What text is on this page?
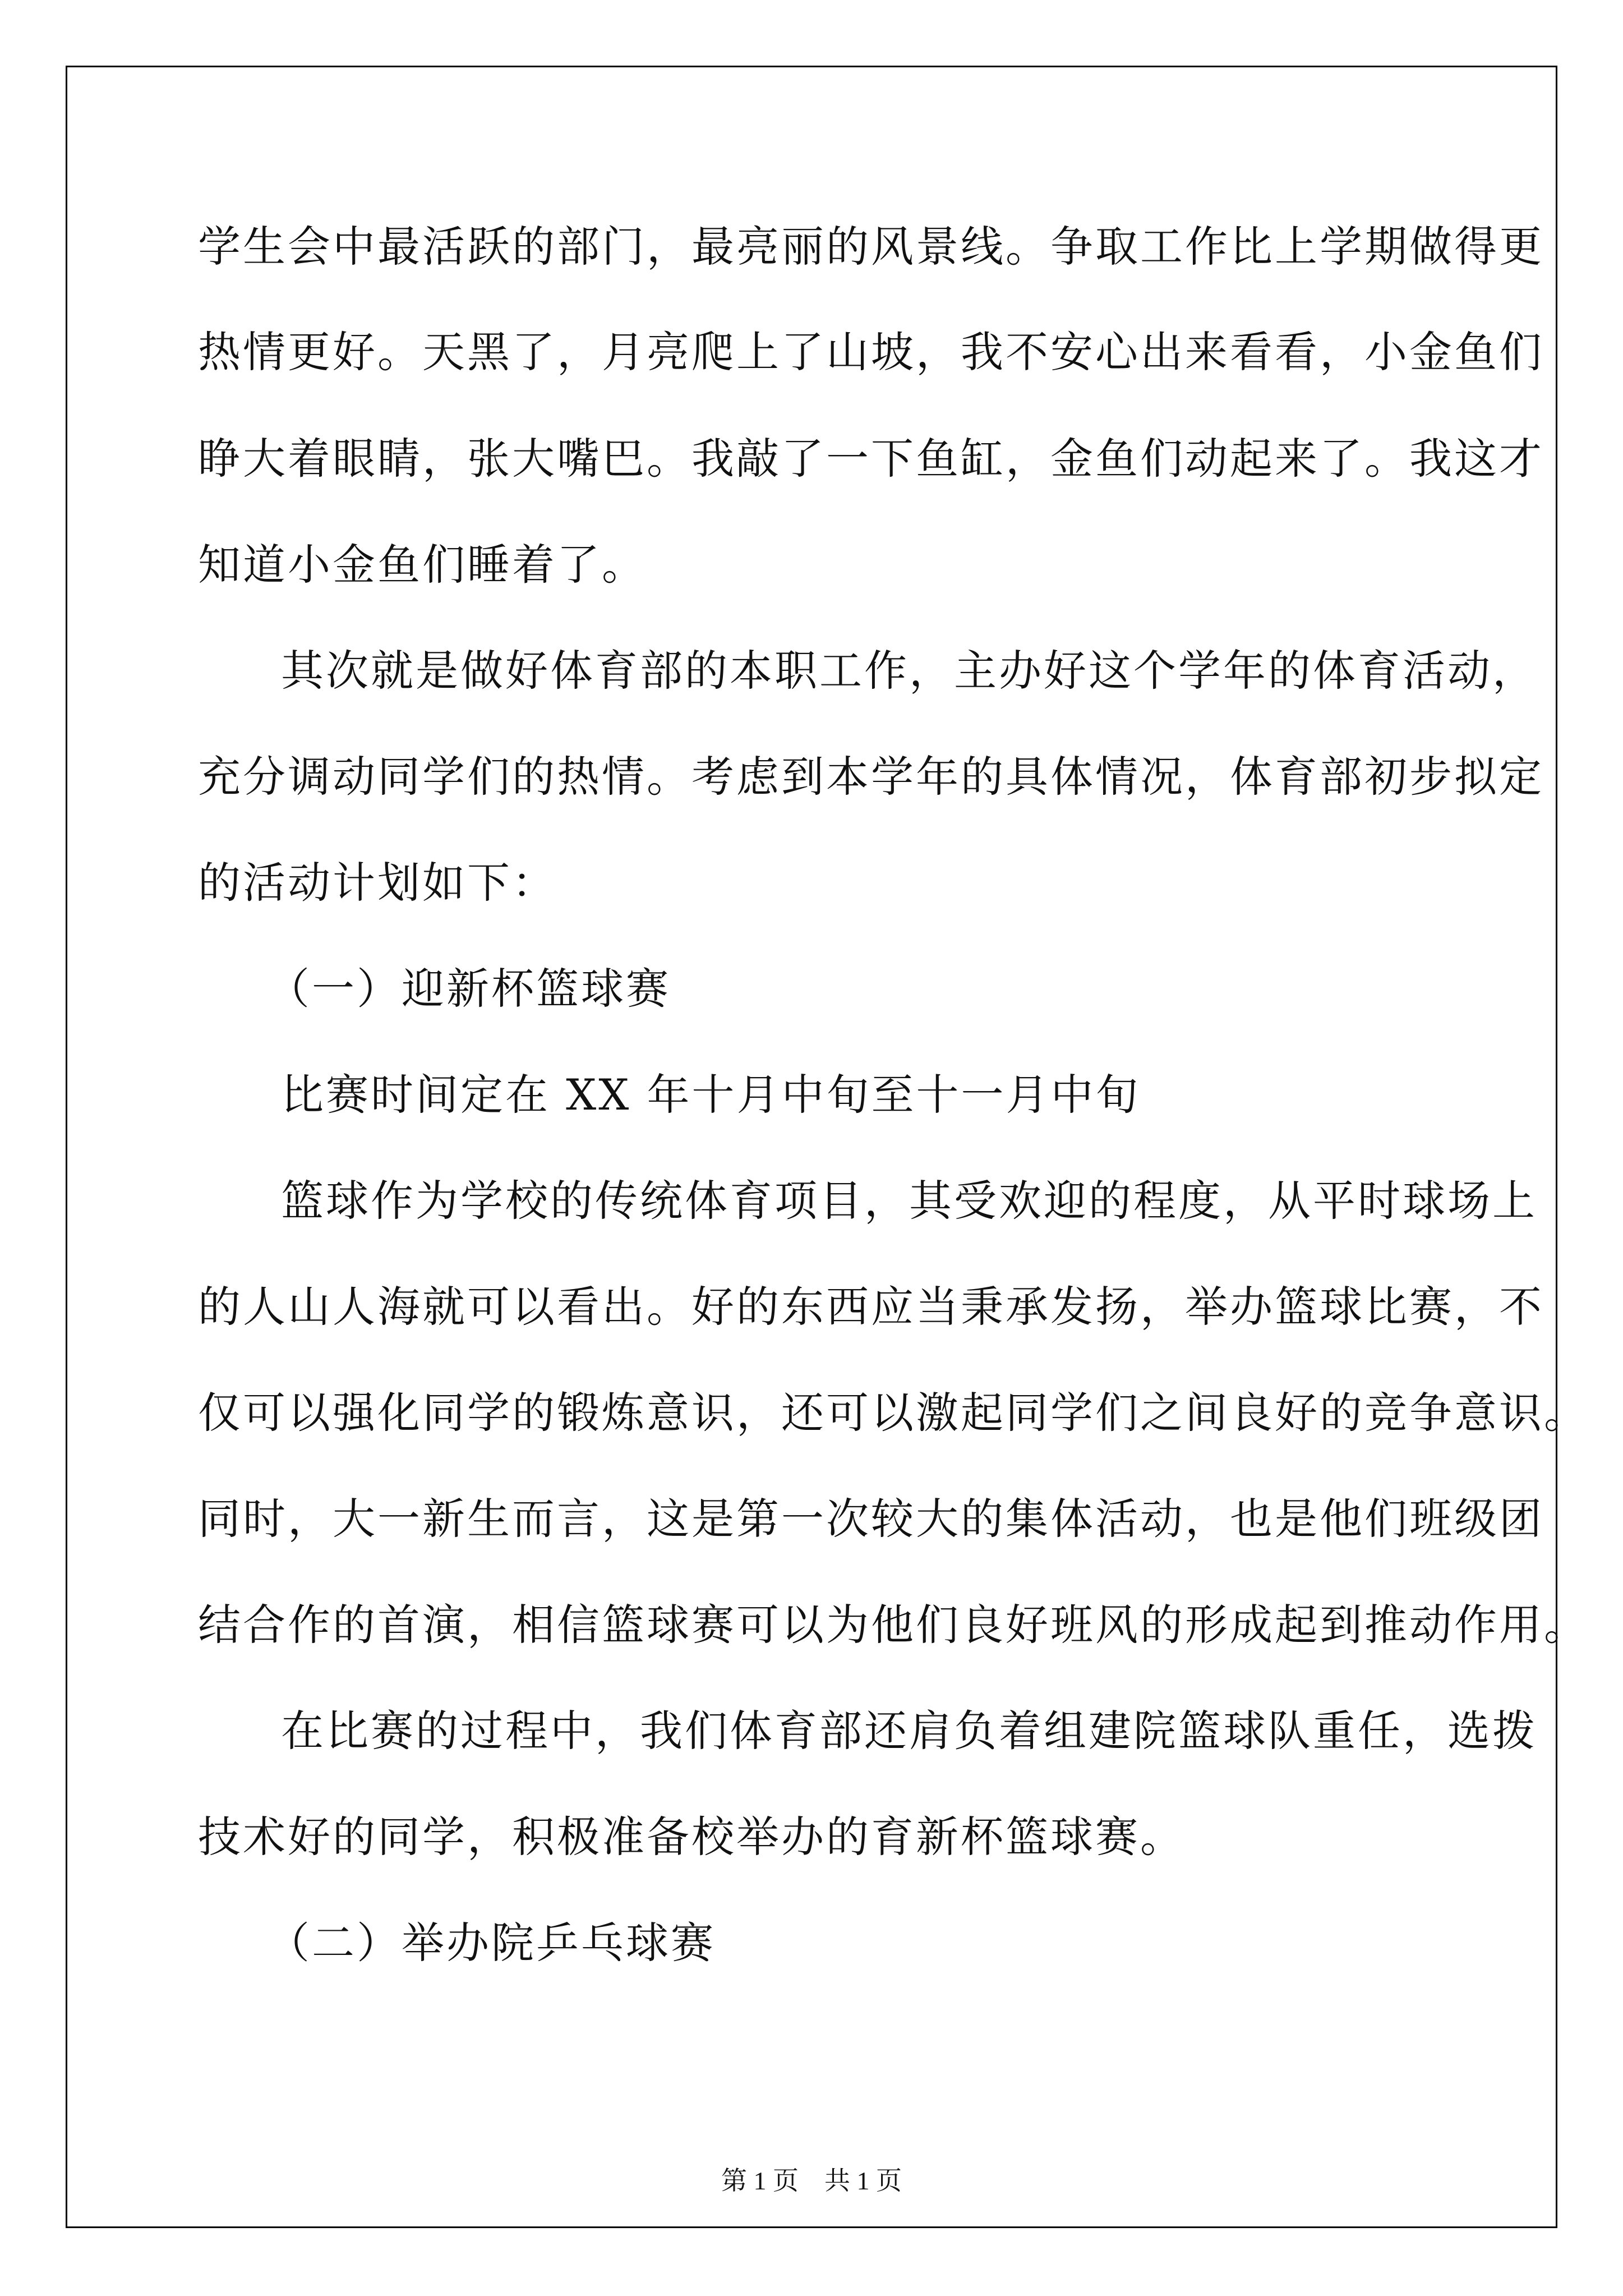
学生会中最活跃的部门，最亮丽的风景线。争取工作比上学期做得更
热情更好。天黑了，月亮爬上了山坡，我不安心出来看看，小金鱼们
睁大着眼睛，张大嘴巴。我敲了一下鱼缸，金鱼们动起来了。我这才
知道小金鱼们睡着了。
其次就是做好体育部的本职工作，主办好这个学年的体育活动，
充分调动同学们的热情。考虑到本学年的具体情况，体育部初步拟定
的活动计划如下：
（一）迎新杯篮球赛
比赛时间定在 XX 年十月中旬至十一月中旬
篮球作为学校的传统体育项目，其受欢迎的程度，从平时球场上
的人山人海就可以看出。好的东西应当秉承发扬，举办篮球比赛，不
仅可以强化同学的锻炼意识，还可以激起同学们之间良好的竞争意识。
同时，大一新生而言，这是第一次较大的集体活动，也是他们班级团
结合作的首演，相信篮球赛可以为他们良好班风的形成起到推动作用。
在比赛的过程中，我们体育部还肩负着组建院篮球队重任，选拨
技术好的同学，积极准备校举办的育新杯篮球赛。
（二）举办院乒乓球赛
第 1 页 共 1 页
